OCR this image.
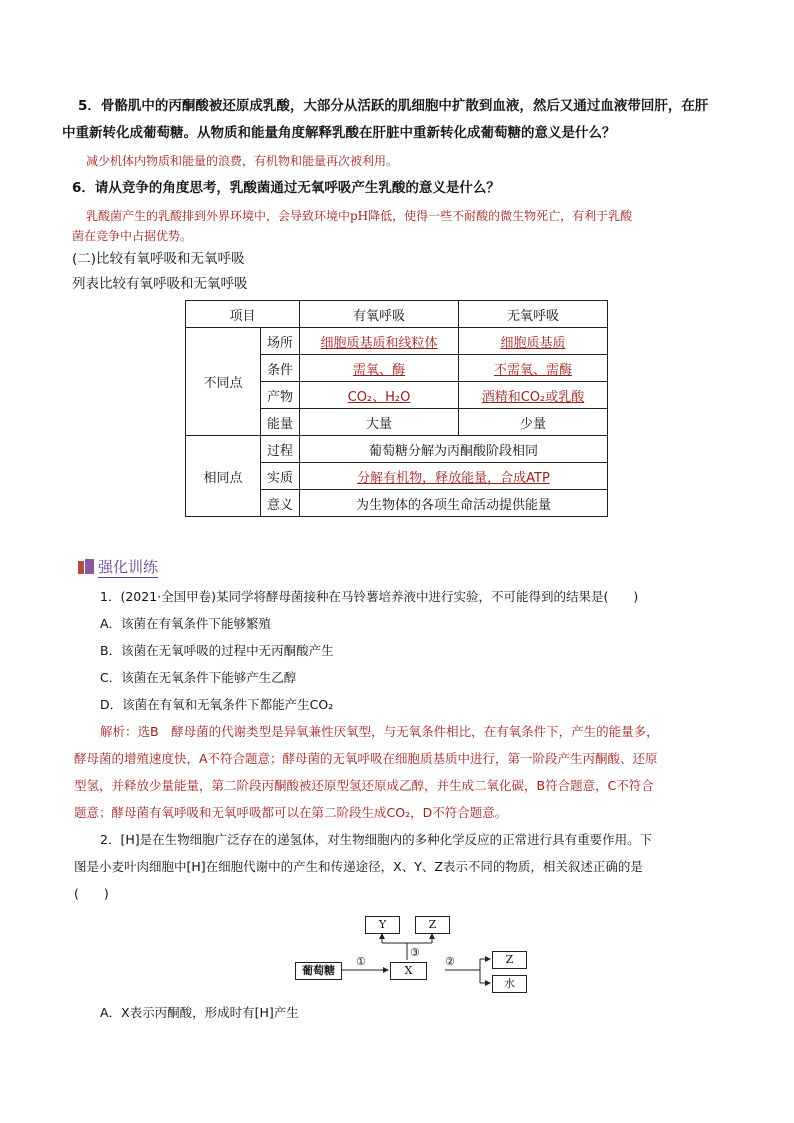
5．骨骼肌中的丙酮酸被还原成乳酸，大部分从活跃的肌细胞中扩散到血液，然后又通过血液带回肝，在肝
中重新转化成葡萄糖。从物质和能量角度解释乳酸在肝脏中重新转化成葡萄糖的意义是什么？
减少机体内物质和能量的浪费，有机物和能量再次被利用。
6．请从竞争的角度思考，乳酸菌通过无氧呼吸产生乳酸的意义是什么？
乳酸菌产生的乳酸排到外界环境中，会导致环境中pH降低，使得一些不耐酸的微生物死亡，有利于乳酸
菌在竞争中占据优势。
(二)比较有氧呼吸和无氧呼吸
列表比较有氧呼吸和无氧呼吸
项目		有氧呼吸	无氧呼吸
不同点	场所	细胞质基质和线粒体	细胞质基质
	条件	需氧、酶	不需氧、需酶
	产物	CO₂、H₂O	酒精和CO₂或乳酸
	能量	大量	少量
相同点	过程	葡萄糖分解为丙酮酸阶段相同	
	实质	分解有机物，释放能量，合成ATP	
	意义	为生物体的各项生命活动提供能量	
强化训练
1．(2021·全国甲卷)某同学将酵母菌接种在马铃薯培养液中进行实验，不可能得到的结果是(　　)
A．该菌在有氧条件下能够繁殖
B．该菌在无氧呼吸的过程中无丙酮酸产生
C．该菌在无氧条件下能够产生乙醇
D．该菌在有氧和无氧条件下都能产生CO₂
解析：选B　酵母菌的代谢类型是异氧兼性厌氧型，与无氧条件相比，在有氧条件下，产生的能量多，
酵母菌的增殖速度快，A不符合题意；酵母菌的无氧呼吸在细胞质基质中进行，第一阶段产生丙酮酸、还原
型氢，并释放少量能量，第二阶段丙酮酸被还原型氢还原成乙醇，并生成二氧化碳，B符合题意，C不符合
题意；酵母菌有氧呼吸和无氧呼吸都可以在第二阶段生成CO₂，D不符合题意。
2．[H]是在生物细胞广泛存在的递氢体，对生物细胞内的多种化学反应的正常进行具有重要作用。下
图是小麦叶肉细胞中[H]在细胞代谢中的产生和传递途径，X、Y、Z表示不同的物质，相关叙述正确的是
(　　)
Y	Z
葡萄糖	X
Z
水
①	②
③
A．X表示丙酮酸，形成时有[H]产生
